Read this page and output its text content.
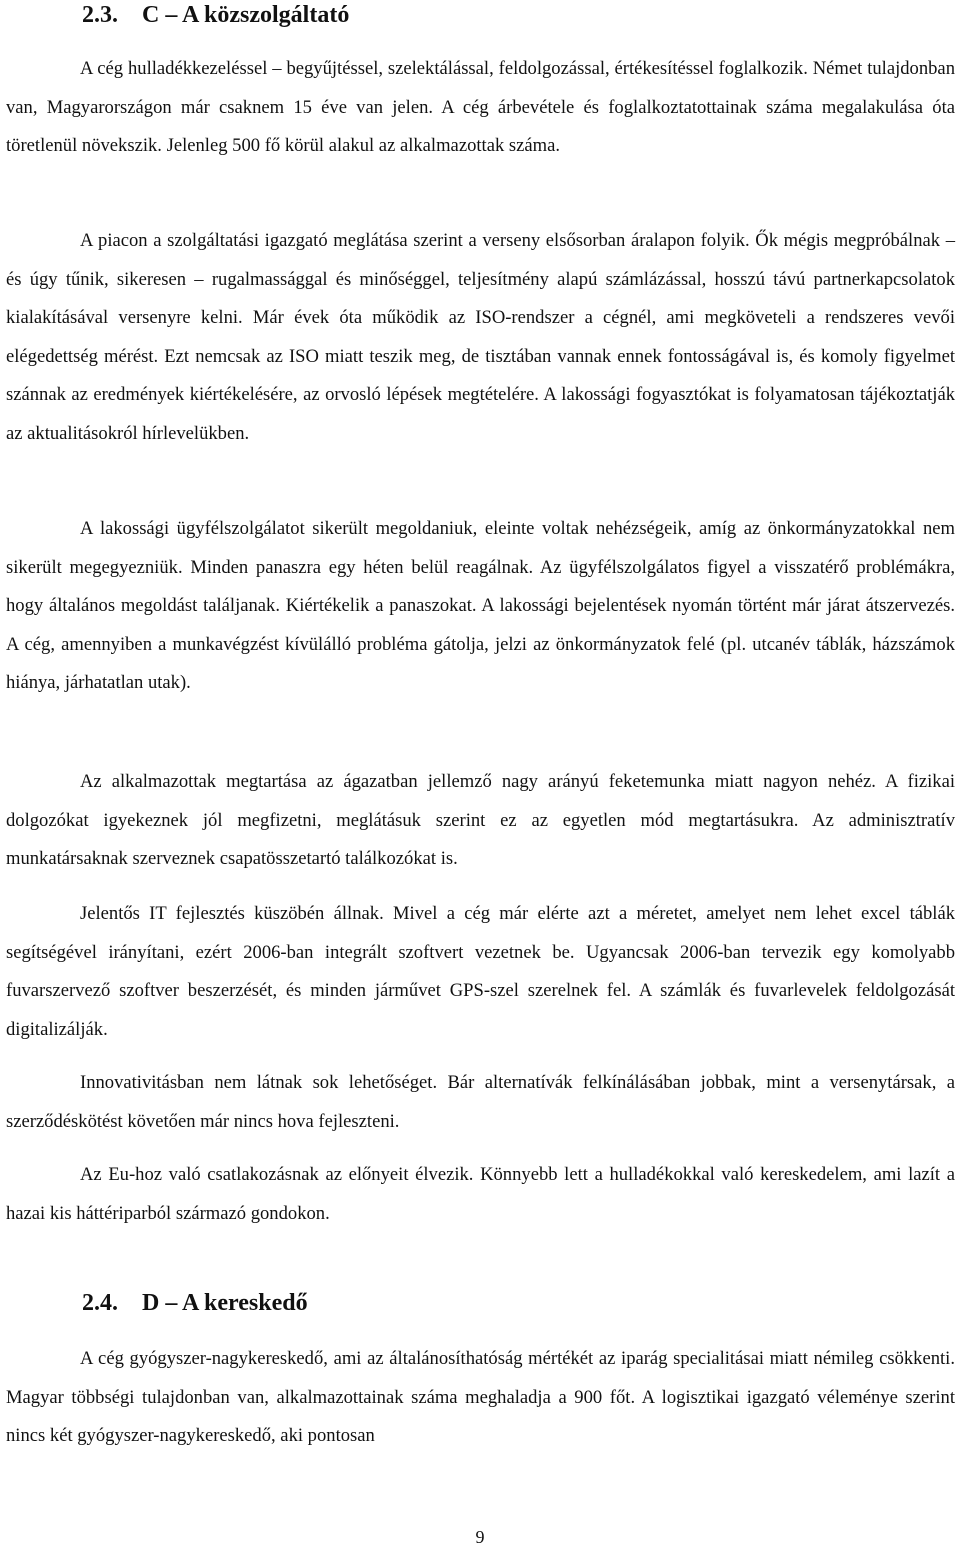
2.3. C – A közszolgáltató

A cég hulladékkezeléssel – begyűjtéssel, szelektálással, feldolgozással, értékesítéssel foglalkozik. Német tulajdonban van, Magyarországon már csaknem 15 éve van jelen. A cég árbevétele és foglalkoztatottainak száma megalakulása óta töretlenül növekszik. Jelenleg 500 fő körül alakul az alkalmazottak száma.

A piacon a szolgáltatási igazgató meglátása szerint a verseny elsősorban áralapon folyik. Ők mégis megpróbálnak – és úgy tűnik, sikeresen – rugalmassággal és minőséggel, teljesítmény alapú számlázással, hosszú távú partnerkapcsolatok kialakításával versenyre kelni. Már évek óta működik az ISO-rendszer a cégnél, ami megköveteli a rendszeres vevői elégedettség mérést. Ezt nemcsak az ISO miatt teszik meg, de tisztában vannak ennek fontosságával is, és komoly figyelmet szánnak az eredmények kiértékelésére, az orvosló lépések megtételére. A lakossági fogyasztókat is folyamatosan tájékoztatják az aktualitásokról hírlevelükben.

A lakossági ügyfélszolgálatot sikerült megoldaniuk, eleinte voltak nehézségeik, amíg az önkormányzatokkal nem sikerült megegyezniük. Minden panaszra egy héten belül reagálnak. Az ügyfélszolgálatos figyel a visszatérő problémákra, hogy általános megoldást találjanak. Kiértékelik a panaszokat. A lakossági bejelentések nyomán történt már járat átszervezés. A cég, amennyiben a munkavégzést kívülálló probléma gátolja, jelzi az önkormányzatok felé (pl. utcanév táblák, házszámok hiánya, járhatatlan utak).

Az alkalmazottak megtartása az ágazatban jellemző nagy arányú feketemunka miatt nagyon nehéz. A fizikai dolgozókat igyekeznek jól megfizetni, meglátásuk szerint ez az egyetlen mód megtartásukra. Az adminisztratív munkatársaknak szerveznek csapatösszetartó találkozókat is.

Jelentős IT fejlesztés küszöbén állnak. Mivel a cég már elérte azt a méretet, amelyet nem lehet excel táblák segítségével irányítani, ezért 2006-ban integrált szoftvert vezetnek be. Ugyancsak 2006-ban tervezik egy komolyabb fuvarszervező szoftver beszerzését, és minden járművet GPS-szel szerelnek fel. A számlák és fuvarlevelek feldolgozását digitalizálják.

Innovativitásban nem látnak sok lehetőséget. Bár alternatívák felkínálásában jobbak, mint a versenytársak, a szerződéskötést követően már nincs hova fejleszteni.

Az Eu-hoz való csatlakozásnak az előnyeit élvezik. Könnyebb lett a hulladékokkal való kereskedelem, ami lazít a hazai kis háttériparból származó gondokon.

2.4. D – A kereskedő

A cég gyógyszer-nagykereskedő, ami az általánosíthatóság mértékét az iparág specialitásai miatt némileg csökkenti. Magyar többségi tulajdonban van, alkalmazottainak száma meghaladja a 900 főt. A logisztikai igazgató véleménye szerint nincs két gyógyszer-nagykereskedő, aki pontosan

9
